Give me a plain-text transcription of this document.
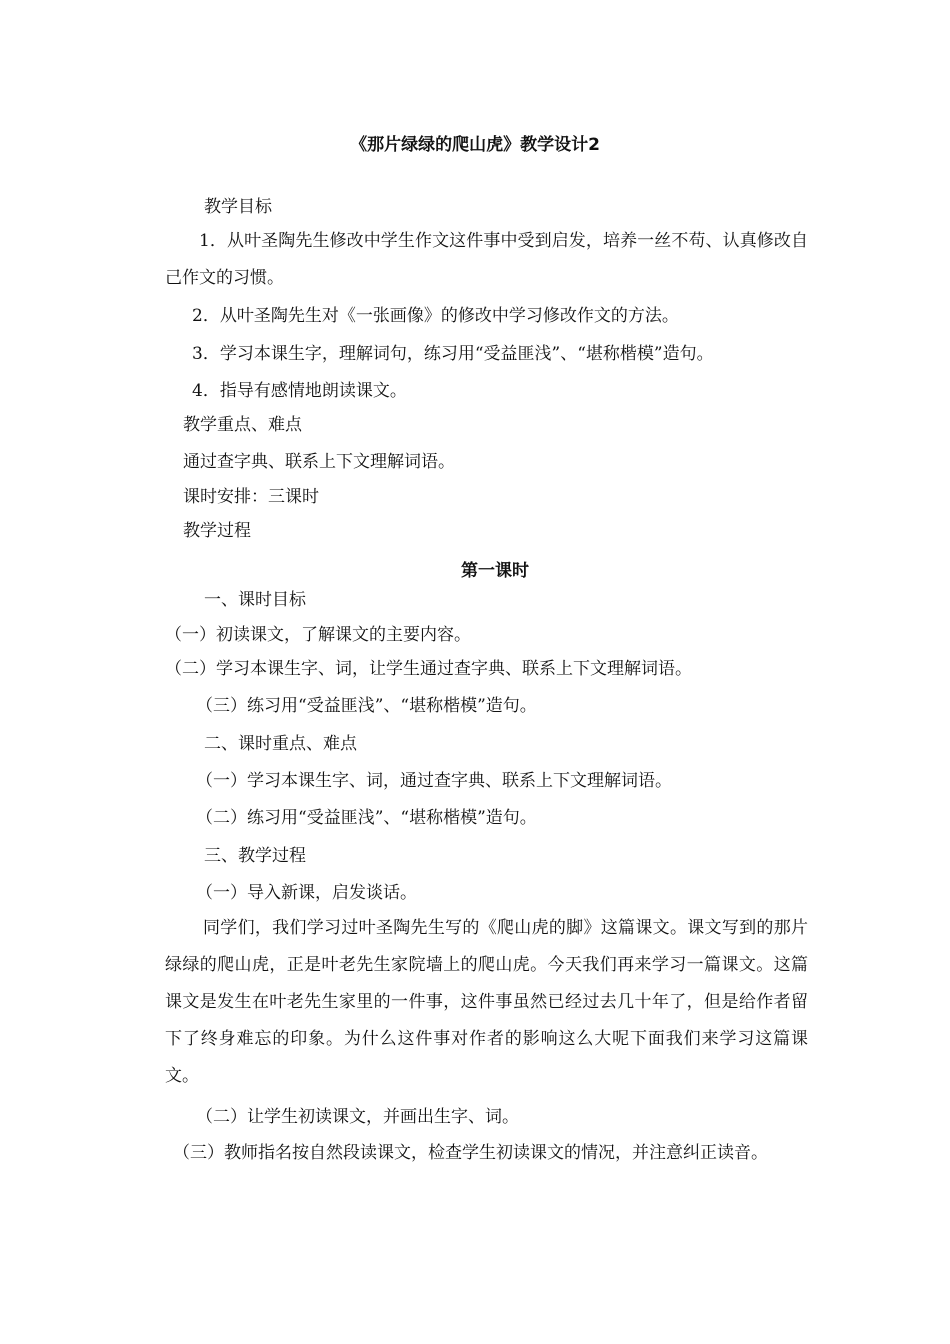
《那片绿绿的爬山虎》教学设计2
教学目标
1．从叶圣陶先生修改中学生作文这件事中受到启发，培养一丝不苟、认真修改自己作文的习惯。
2．从叶圣陶先生对《一张画像》的修改中学习修改作文的方法。
3．学习本课生字，理解词句，练习用“受益匪浅”、“堪称楷模”造句。
4．指导有感情地朗读课文。
教学重点、难点
通过查字典、联系上下文理解词语。
课时安排：三课时
教学过程
第一课时
一、课时目标
（一）初读课文，了解课文的主要内容。
（二）学习本课生字、词，让学生通过查字典、联系上下文理解词语。
（三）练习用“受益匪浅”、“堪称楷模”造句。
二、课时重点、难点
（一）学习本课生字、词，通过查字典、联系上下文理解词语。
（二）练习用“受益匪浅”、“堪称楷模”造句。
三、教学过程
（一）导入新课，启发谈话。
同学们，我们学习过叶圣陶先生写的《爬山虎的脚》这篇课文。课文写到的那片绿绿的爬山虎，正是叶老先生家院墙上的爬山虎。今天我们再来学习一篇课文。这篇课文是发生在叶老先生家里的一件事，这件事虽然已经过去几十年了，但是给作者留下了终身难忘的印象。为什么这件事对作者的影响这么大呢下面我们来学习这篇课文。
（二）让学生初读课文，并画出生字、词。
（三）教师指名按自然段读课文，检查学生初读课文的情况，并注意纠正读音。
